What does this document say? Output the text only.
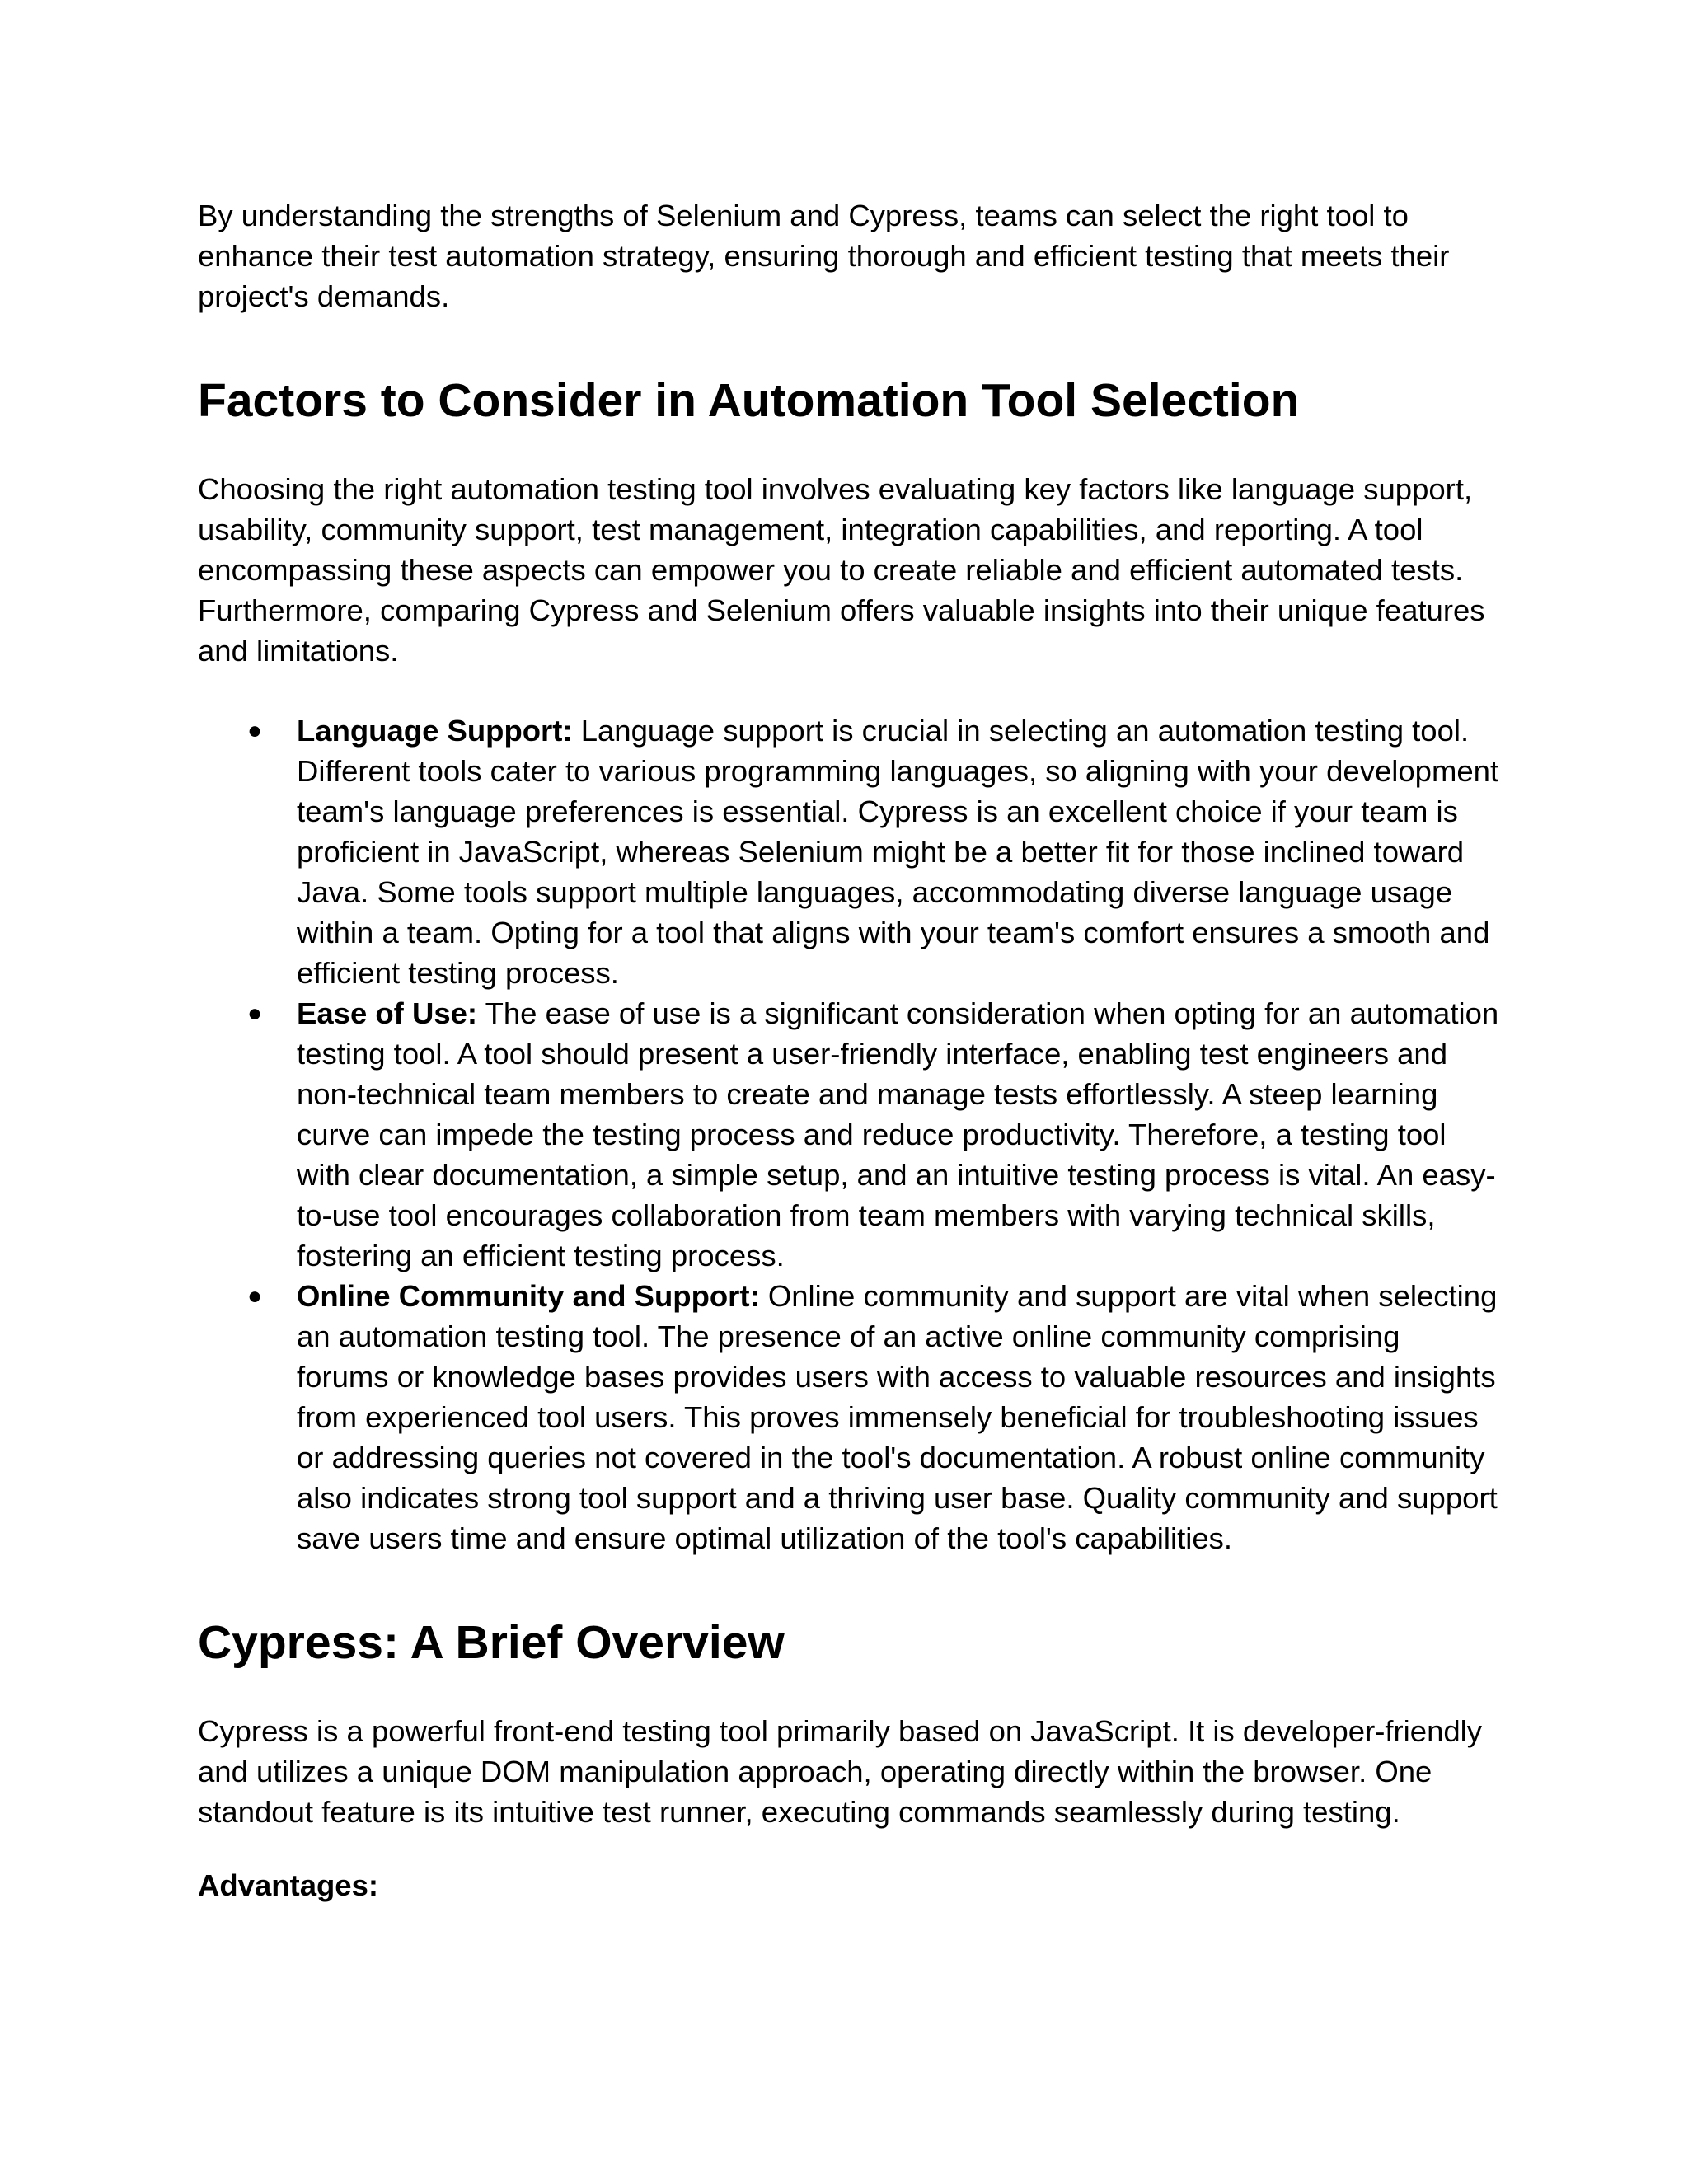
By understanding the strengths of Selenium and Cypress, teams can select the right tool to enhance their test automation strategy, ensuring thorough and efficient testing that meets their project's demands.

Factors to Consider in Automation Tool Selection

Choosing the right automation testing tool involves evaluating key factors like language support, usability, community support, test management, integration capabilities, and reporting. A tool encompassing these aspects can empower you to create reliable and efficient automated tests. Furthermore, comparing Cypress and Selenium offers valuable insights into their unique features and limitations.

● Language Support: Language support is crucial in selecting an automation testing tool. Different tools cater to various programming languages, so aligning with your development team's language preferences is essential. Cypress is an excellent choice if your team is proficient in JavaScript, whereas Selenium might be a better fit for those inclined toward Java. Some tools support multiple languages, accommodating diverse language usage within a team. Opting for a tool that aligns with your team's comfort ensures a smooth and efficient testing process.
● Ease of Use: The ease of use is a significant consideration when opting for an automation testing tool. A tool should present a user-friendly interface, enabling test engineers and non-technical team members to create and manage tests effortlessly. A steep learning curve can impede the testing process and reduce productivity. Therefore, a testing tool with clear documentation, a simple setup, and an intuitive testing process is vital. An easy-to-use tool encourages collaboration from team members with varying technical skills, fostering an efficient testing process.
● Online Community and Support: Online community and support are vital when selecting an automation testing tool. The presence of an active online community comprising forums or knowledge bases provides users with access to valuable resources and insights from experienced tool users. This proves immensely beneficial for troubleshooting issues or addressing queries not covered in the tool's documentation. A robust online community also indicates strong tool support and a thriving user base. Quality community and support save users time and ensure optimal utilization of the tool's capabilities.
Cypress: A Brief Overview

Cypress is a powerful front-end testing tool primarily based on JavaScript. It is developer-friendly and utilizes a unique DOM manipulation approach, operating directly within the browser. One standout feature is its intuitive test runner, executing commands seamlessly during testing.

Advantages:
